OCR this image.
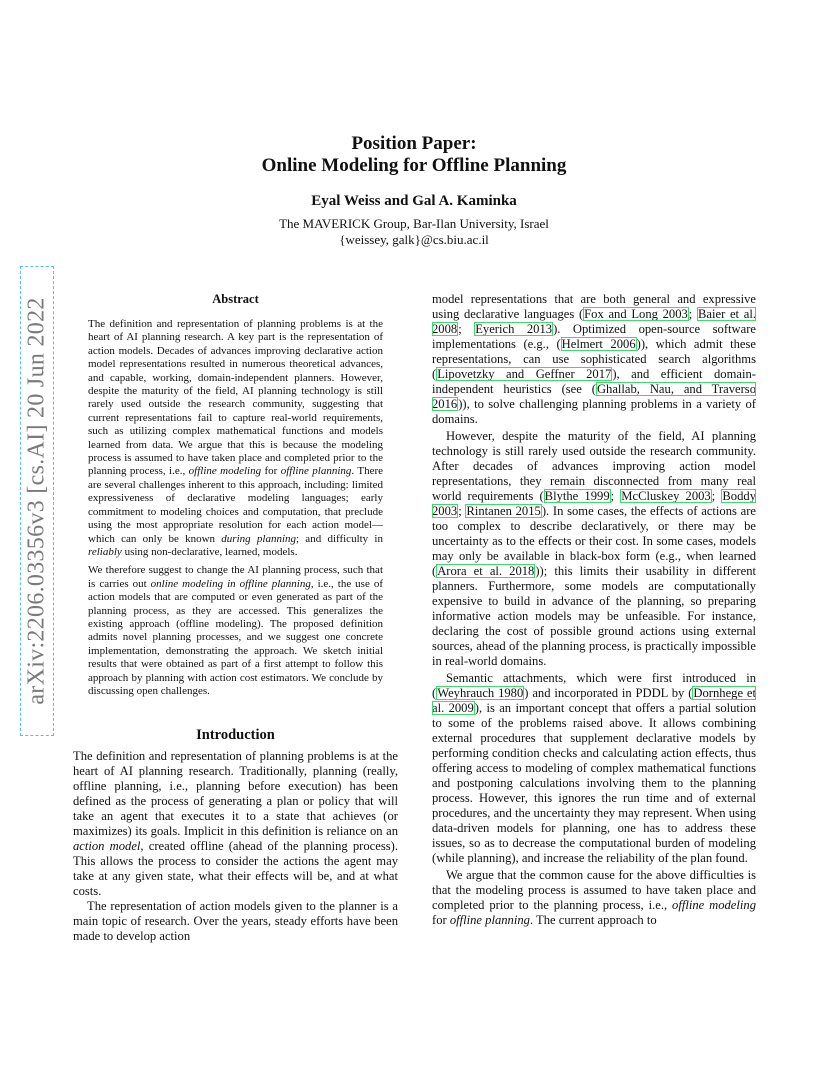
arXiv:2206.03356v3 [cs.AI] 20 Jun 2022
Position Paper:
Online Modeling for Offline Planning
Eyal Weiss and Gal A. Kaminka
The MAVERICK Group, Bar-Ilan University, Israel
{weissey, galk}@cs.biu.ac.il
Abstract

The definition and representation of planning problems is at the heart of AI planning research. A key part is the representation of action models. Decades of advances improving declarative action model representations resulted in numerous theoretical advances, and capable, working, domain-independent planners. However, despite the maturity of the field, AI planning technology is still rarely used outside the research community, suggesting that current representations fail to capture real-world requirements, such as utilizing complex mathematical functions and models learned from data. We argue that this is because the modeling process is assumed to have taken place and completed prior to the planning process, i.e., offline modeling for offline planning. There are several challenges inherent to this approach, including: limited expressiveness of declarative modeling languages; early commitment to modeling choices and computation, that preclude using the most appropriate resolution for each action model—which can only be known during planning; and difficulty in reliably using non-declarative, learned, models.

We therefore suggest to change the AI planning process, such that is carries out online modeling in offline planning, i.e., the use of action models that are computed or even generated as part of the planning process, as they are accessed. This generalizes the existing approach (offline modeling). The proposed definition admits novel planning processes, and we suggest one concrete implementation, demonstrating the approach. We sketch initial results that were obtained as part of a first attempt to follow this approach by planning with action cost estimators. We conclude by discussing open challenges.

Introduction

The definition and representation of planning problems is at the heart of AI planning research. Traditionally, planning (really, offline planning, i.e., planning before execution) has been defined as the process of generating a plan or policy that will take an agent that executes it to a state that achieves (or maximizes) its goals. Implicit in this definition is reliance on an action model, created offline (ahead of the planning process). This allows the process to consider the actions the agent may take at any given state, what their effects will be, and at what costs.

The representation of action models given to the planner is a main topic of research. Over the years, steady efforts have been made to develop action

model representations that are both general and expressive using declarative languages (Fox and Long 2003; Baier et al. 2008; Eyerich 2013). Optimized open-source software implementations (e.g., (Helmert 2006)), which admit these representations, can use sophisticated search algorithms (Lipovetzky and Geffner 2017), and efficient domain-independent heuristics (see (Ghallab, Nau, and Traverso 2016)), to solve challenging planning problems in a variety of domains.

However, despite the maturity of the field, AI planning technology is still rarely used outside the research community. After decades of advances improving action model representations, they remain disconnected from many real world requirements (Blythe 1999; McCluskey 2003; Boddy 2003; Rintanen 2015). In some cases, the effects of actions are too complex to describe declaratively, or there may be uncertainty as to the effects or their cost. In some cases, models may only be available in black-box form (e.g., when learned (Arora et al. 2018)); this limits their usability in different planners. Furthermore, some models are computationally expensive to build in advance of the planning, so preparing informative action models may be unfeasible. For instance, declaring the cost of possible ground actions using external sources, ahead of the planning process, is practically impossible in real-world domains.

Semantic attachments, which were first introduced in (Weyhrauch 1980) and incorporated in PDDL by (Dornhege et al. 2009), is an important concept that offers a partial solution to some of the problems raised above. It allows combining external procedures that supplement declarative models by performing condition checks and calculating action effects, thus offering access to modeling of complex mathematical functions and postponing calculations involving them to the planning process. However, this ignores the run time and of external procedures, and the uncertainty they may represent. When using data-driven models for planning, one has to address these issues, so as to decrease the computational burden of modeling (while planning), and increase the reliability of the plan found.

We argue that the common cause for the above difficulties is that the modeling process is assumed to have taken place and completed prior to the planning process, i.e., offline modeling for offline planning. The current approach to
